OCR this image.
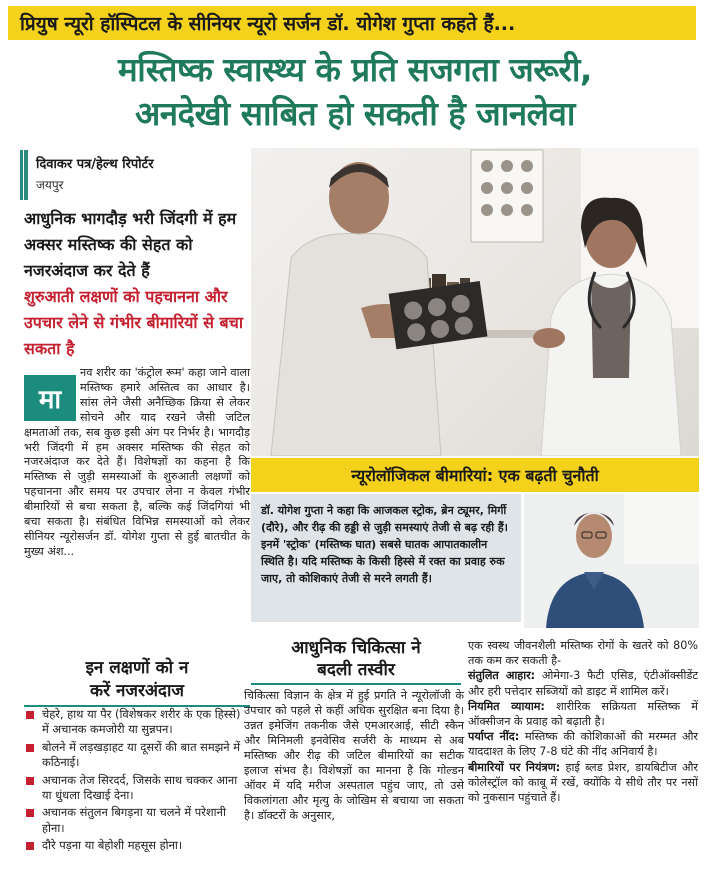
प्रियुष न्यूरो हॉस्पिटल के सीनियर न्यूरो सर्जन डॉ. योगेश गुप्ता कहते हैं...
मस्तिष्क स्वास्थ्य के प्रति सजगता जरूरी,
अनदेखी साबित हो सकती है जानलेवा
दिवाकर पत्र/हेल्थ रिपोर्टर
जयपुर
आधुनिक भागदौड़ भरी जिंदगी में हम अक्सर मस्तिष्क की सेहत को नजरअंदाज कर देते हैं
शुरुआती लक्षणों को पहचानना और उपचार लेने से गंभीर बीमारियों से बचा सकता है
नव शरीर का 'कंट्रोल रूम' कहा जाने वाला मस्तिष्क हमारे अस्तित्व का आधार है। सांस लेने जैसी अनैच्छिक क्रिया से लेकर सोचने और याद रखने जैसी जटिल क्षमताओं तक, सब कुछ इसी अंग पर निर्भर है। भागदौड़ भरी जिंदगी में हम अक्सर मस्तिष्क की सेहत को नजरअंदाज कर देते हैं। विशेषज्ञों का कहना है कि मस्तिष्क से जुड़ी समस्याओं के शुरुआती लक्षणों को पहचानना और समय पर उपचार लेना न केवल गंभीर बीमारियों से बचा सकता है, बल्कि कई जिंदगियां भी बचा सकता है। संबंधित विभिन्न समस्याओं को लेकर सीनियर न्यूरोसर्जन डॉ. योगेश गुप्ता से हुई बातचीत के मुख्य अंश...
मा
इन लक्षणों को न
करें नजरअंदाज
चेहरे, हाथ या पैर (विशेषकर शरीर के एक हिस्से) में अचानक कमजोरी या सुन्नपन।
बोलने में लड़खड़ाहट या दूसरों की बात समझने में कठिनाई।
अचानक तेज सिरदर्द, जिसके साथ चक्कर आना या धुंधला दिखाई देना।
अचानक संतुलन बिगड़ना या चलने में परेशानी होना।
दौरे पड़ना या बेहोशी महसूस होना।
न्यूरोलॉजिकल बीमारियां: एक बढ़ती चुनौती
डॉ. योगेश गुप्ता ने कहा कि आजकल स्ट्रोक, ब्रेन ट्यूमर, मिर्गी (दौरे), और रीढ़ की हड्डी से जुड़ी समस्याएं तेजी से बढ़ रही हैं। इनमें 'स्ट्रोक' (मस्तिष्क घात) सबसे घातक आपातकालीन स्थिति है। यदि मस्तिष्क के किसी हिस्से में रक्त का प्रवाह रुक जाए, तो कोशिकाएं तेजी से मरने लगती हैं।
आधुनिक चिकित्सा ने
बदली तस्वीर
चिकित्सा विज्ञान के क्षेत्र में हुई प्रगति ने न्यूरोलॉजी के उपचार को पहले से कहीं अधिक सुरक्षित बना दिया है। उन्नत इमेजिंग तकनीक जैसे एमआरआई, सीटी स्कैन और मिनिमली इनवेसिव सर्जरी के माध्यम से अब मस्तिष्क और रीढ़ की जटिल बीमारियों का सटीक इलाज संभव है। विशेषज्ञों का मानना है कि गोल्डन ऑवर में यदि मरीज अस्पताल पहुंच जाए, तो उसे विकलांगता और मृत्यु के जोखिम से बचाया जा सकता है। डॉक्टरों के अनुसार,

एक स्वस्थ जीवनशैली मस्तिष्क रोगों के खतरे को 80% तक कम कर सकती है-

संतुलित आहार: ओमेगा-3 फैटी एसिड, एंटीऑक्सीडेंट और हरी पत्तेदार सब्जियों को डाइट में शामिल करें।

नियमित व्यायाम: शारीरिक सक्रियता मस्तिष्क में ऑक्सीजन के प्रवाह को बढ़ाती है।

पर्याप्त नींद: मस्तिष्क की कोशिकाओं की मरम्मत और याददाश्त के लिए 7-8 घंटे की नींद अनिवार्य है।

बीमारियों पर नियंत्रण: हाई ब्लड प्रेशर, डायबिटीज और कोलेस्ट्रॉल को काबू में रखें, क्योंकि ये सीधे तौर पर नसों को नुकसान पहुंचाते हैं।
